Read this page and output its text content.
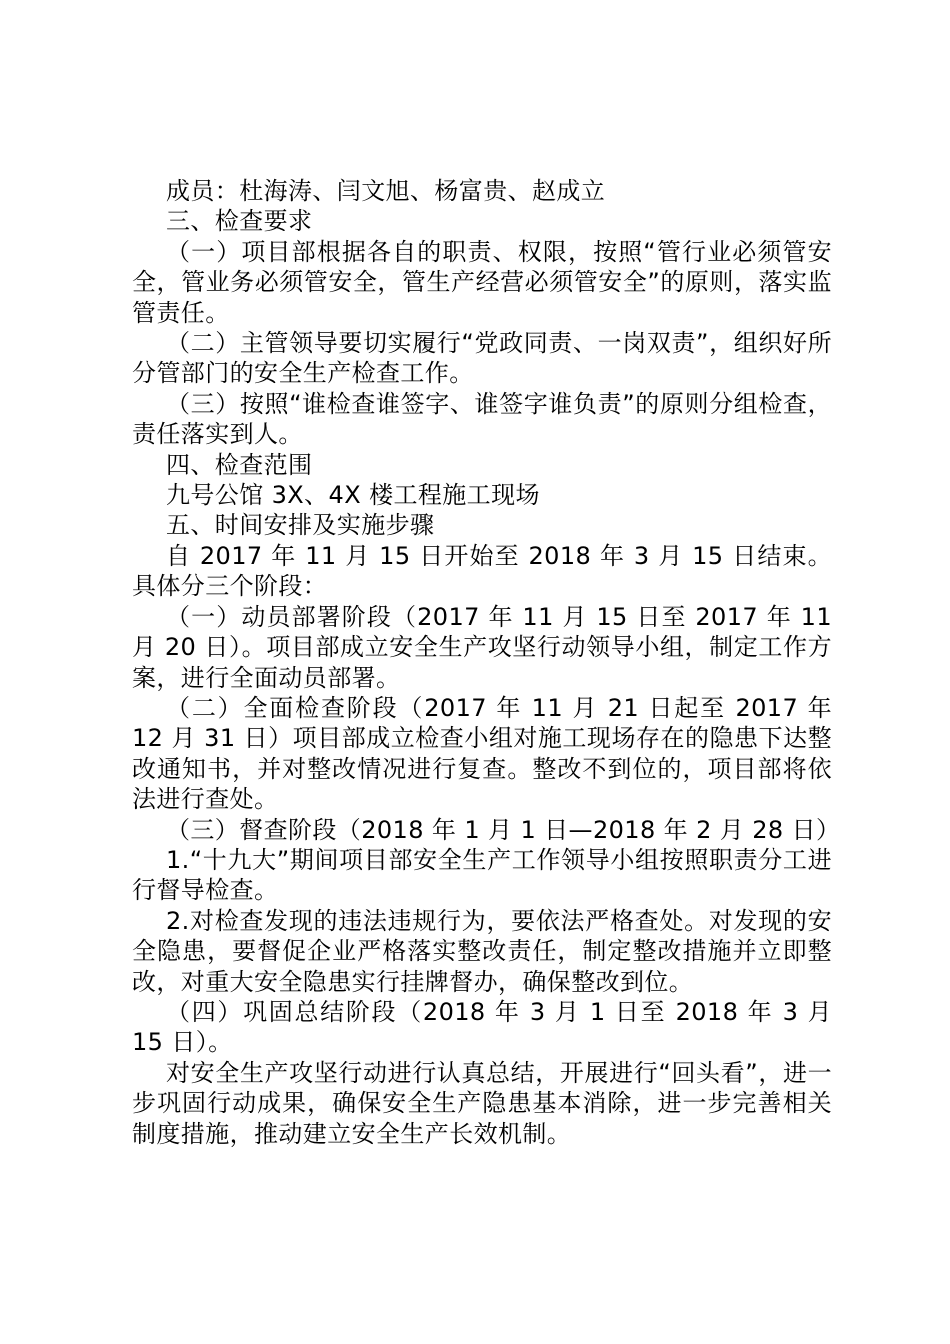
成员：杜海涛、闫文旭、杨富贵、赵成立

三、检查要求

（一）项目部根据各自的职责、权限，按照“管行业必须管安全，管业务必须管安全，管生产经营必须管安全”的原则，落实监管责任。

（二）主管领导要切实履行“党政同责、一岗双责”，组织好所分管部门的安全生产检查工作。

（三）按照“谁检查谁签字、谁签字谁负责”的原则分组检查，责任落实到人。

四、检查范围

九号公馆 3X、4X 楼工程施工现场

五、时间安排及实施步骤

自 2017 年 11 月 15 日开始至 2018 年 3 月 15 日结束。具体分三个阶段：

（一）动员部署阶段（2017 年 11 月 15 日至 2017 年 11 月 20 日）。项目部成立安全生产攻坚行动领导小组，制定工作方案，进行全面动员部署。

（二）全面检查阶段（2017 年 11 月 21 日起至 2017 年 12 月 31 日）项目部成立检查小组对施工现场存在的隐患下达整改通知书，并对整改情况进行复查。整改不到位的，项目部将依法进行查处。

（三）督查阶段（2018 年 1 月 1 日—2018 年 2 月 28 日）

1.“十九大”期间项目部安全生产工作领导小组按照职责分工进行督导检查。

2.对检查发现的违法违规行为，要依法严格查处。对发现的安全隐患，要督促企业严格落实整改责任，制定整改措施并立即整改，对重大安全隐患实行挂牌督办，确保整改到位。

（四）巩固总结阶段（2018 年 3 月 1 日至 2018 年 3 月 15 日）。

对安全生产攻坚行动进行认真总结，开展进行“回头看”，进一步巩固行动成果，确保安全生产隐患基本消除，进一步完善相关制度措施，推动建立安全生产长效机制。
